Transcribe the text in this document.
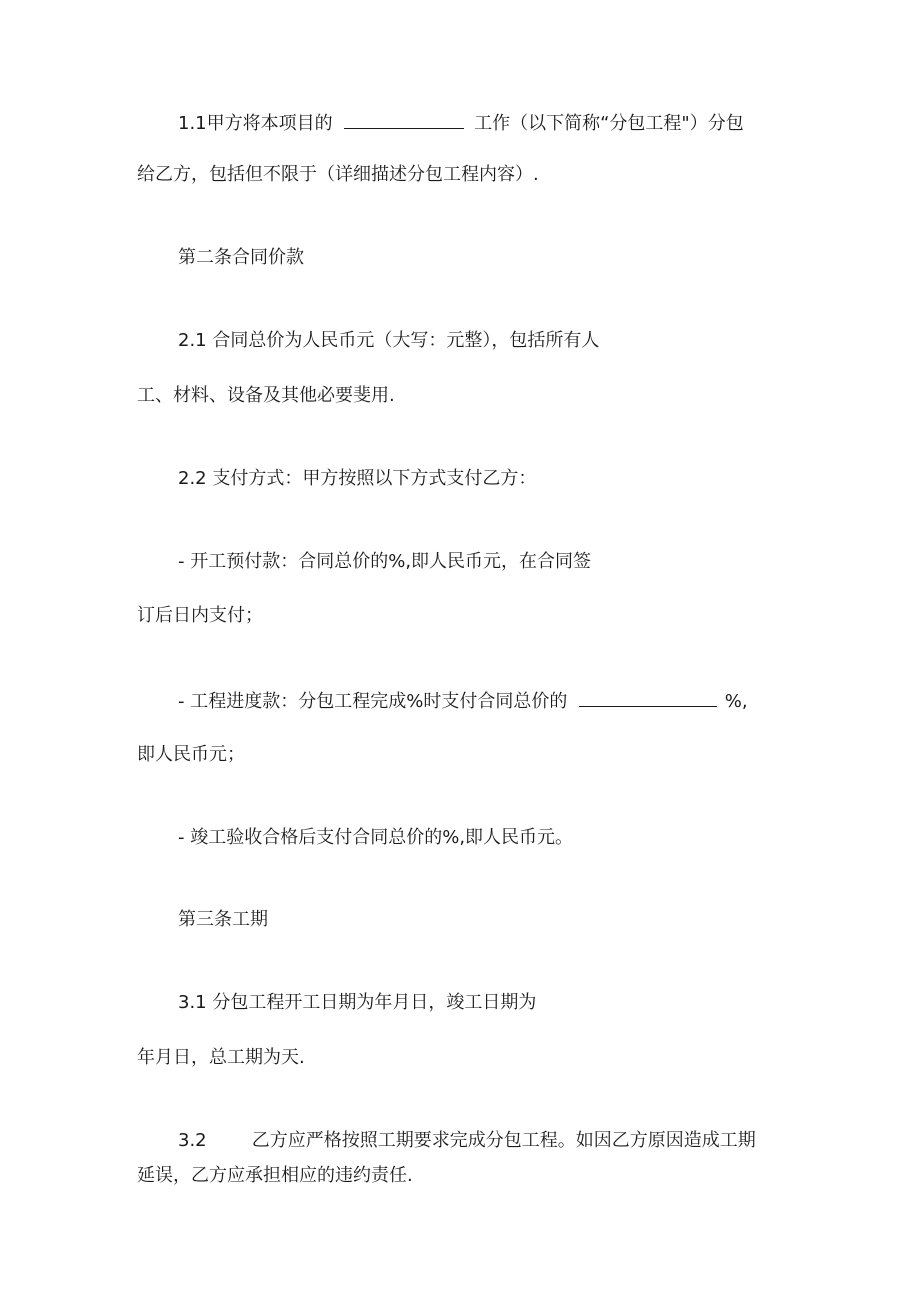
1.1甲方将本项目的	工作（以下简称“分包工程"）分包
给乙方，包括但不限于（详细描述分包工程内容）.
第二条合同价款
2.1 合同总价为人民币元（大写：元整），包括所有人
工、材料、设备及其他必要斐用.
2.2 支付方式：甲方按照以下方式支付乙方：
- 开工预付款：合同总价的%,即人民币元，在合同签
订后日内支付；
- 工程进度款：分包工程完成%时支付合同总价的	%,
即人民币元；
- 竣工验收合格后支付合同总价的%,即人民币元。
第三条工期
3.1 分包工程开工日期为年月日，竣工日期为
年月日，总工期为天.
3.2	乙方应严格按照工期要求完成分包工程。如因乙方原因造成工期
延误，乙方应承担相应的违约责任.
